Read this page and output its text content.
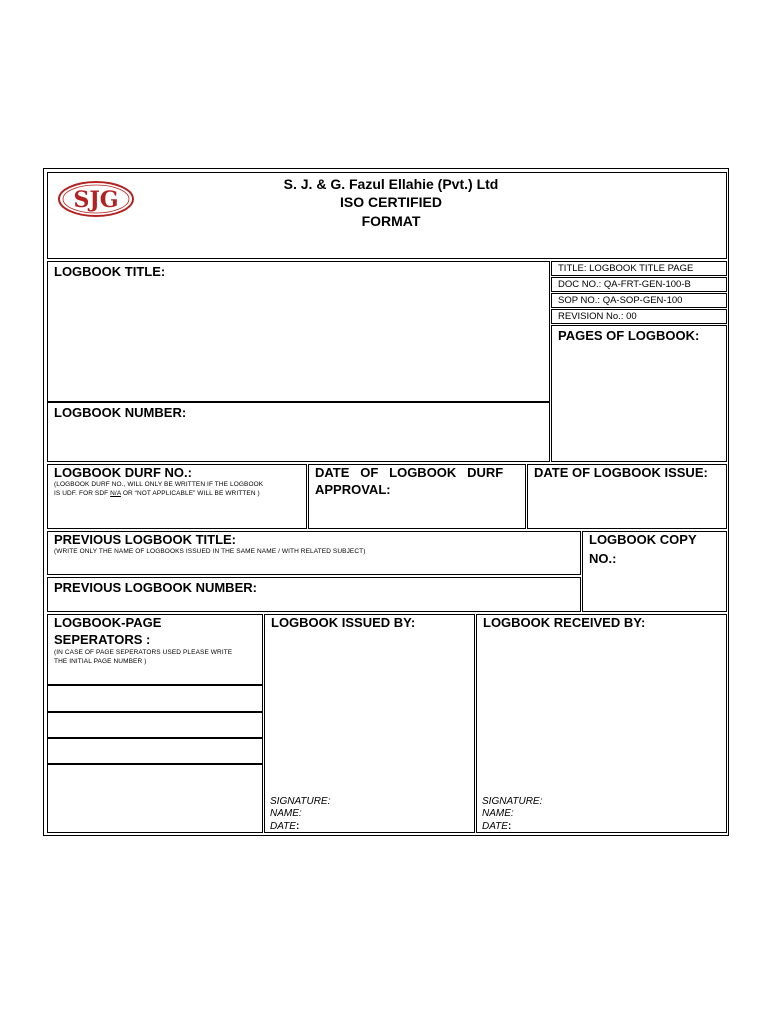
SJG
S. J. & G. Fazul Ellahie (Pvt.) Ltd
ISO CERTIFIED
FORMAT
LOGBOOK TITLE:	TITLE: LOGBOOK TITLE PAGE
DOC NO.: QA-FRT-GEN-100-B
SOP NO.: QA-SOP-GEN-100
REVISION No.: 00
PAGES OF LOGBOOK:
LOGBOOK NUMBER:
LOGBOOK DURF NO.:
(LOGBOOK DURF NO., WILL ONLY BE WRITTEN IF THE LOGBOOK
IS UDF. FOR SDF N/A OR “NOT APPLICABLE” WILL BE WRITTEN )
DATE   OF   LOGBOOK   DURF
APPROVAL:
DATE OF LOGBOOK ISSUE:
PREVIOUS LOGBOOK TITLE:
(WRITE ONLY THE NAME OF LOGBOOKS ISSUED IN THE SAME NAME / WITH RELATED SUBJECT)
LOGBOOK COPY
NO.:
PREVIOUS LOGBOOK NUMBER:
LOGBOOK-PAGE
SEPERATORS :
(IN CASE OF PAGE SEPERATORS USED PLEASE WRITE
THE INITIAL PAGE NUMBER )
LOGBOOK ISSUED BY:
SIGNATURE:
NAME:
DATE:
LOGBOOK RECEIVED BY:
SIGNATURE:
NAME:
DATE:
